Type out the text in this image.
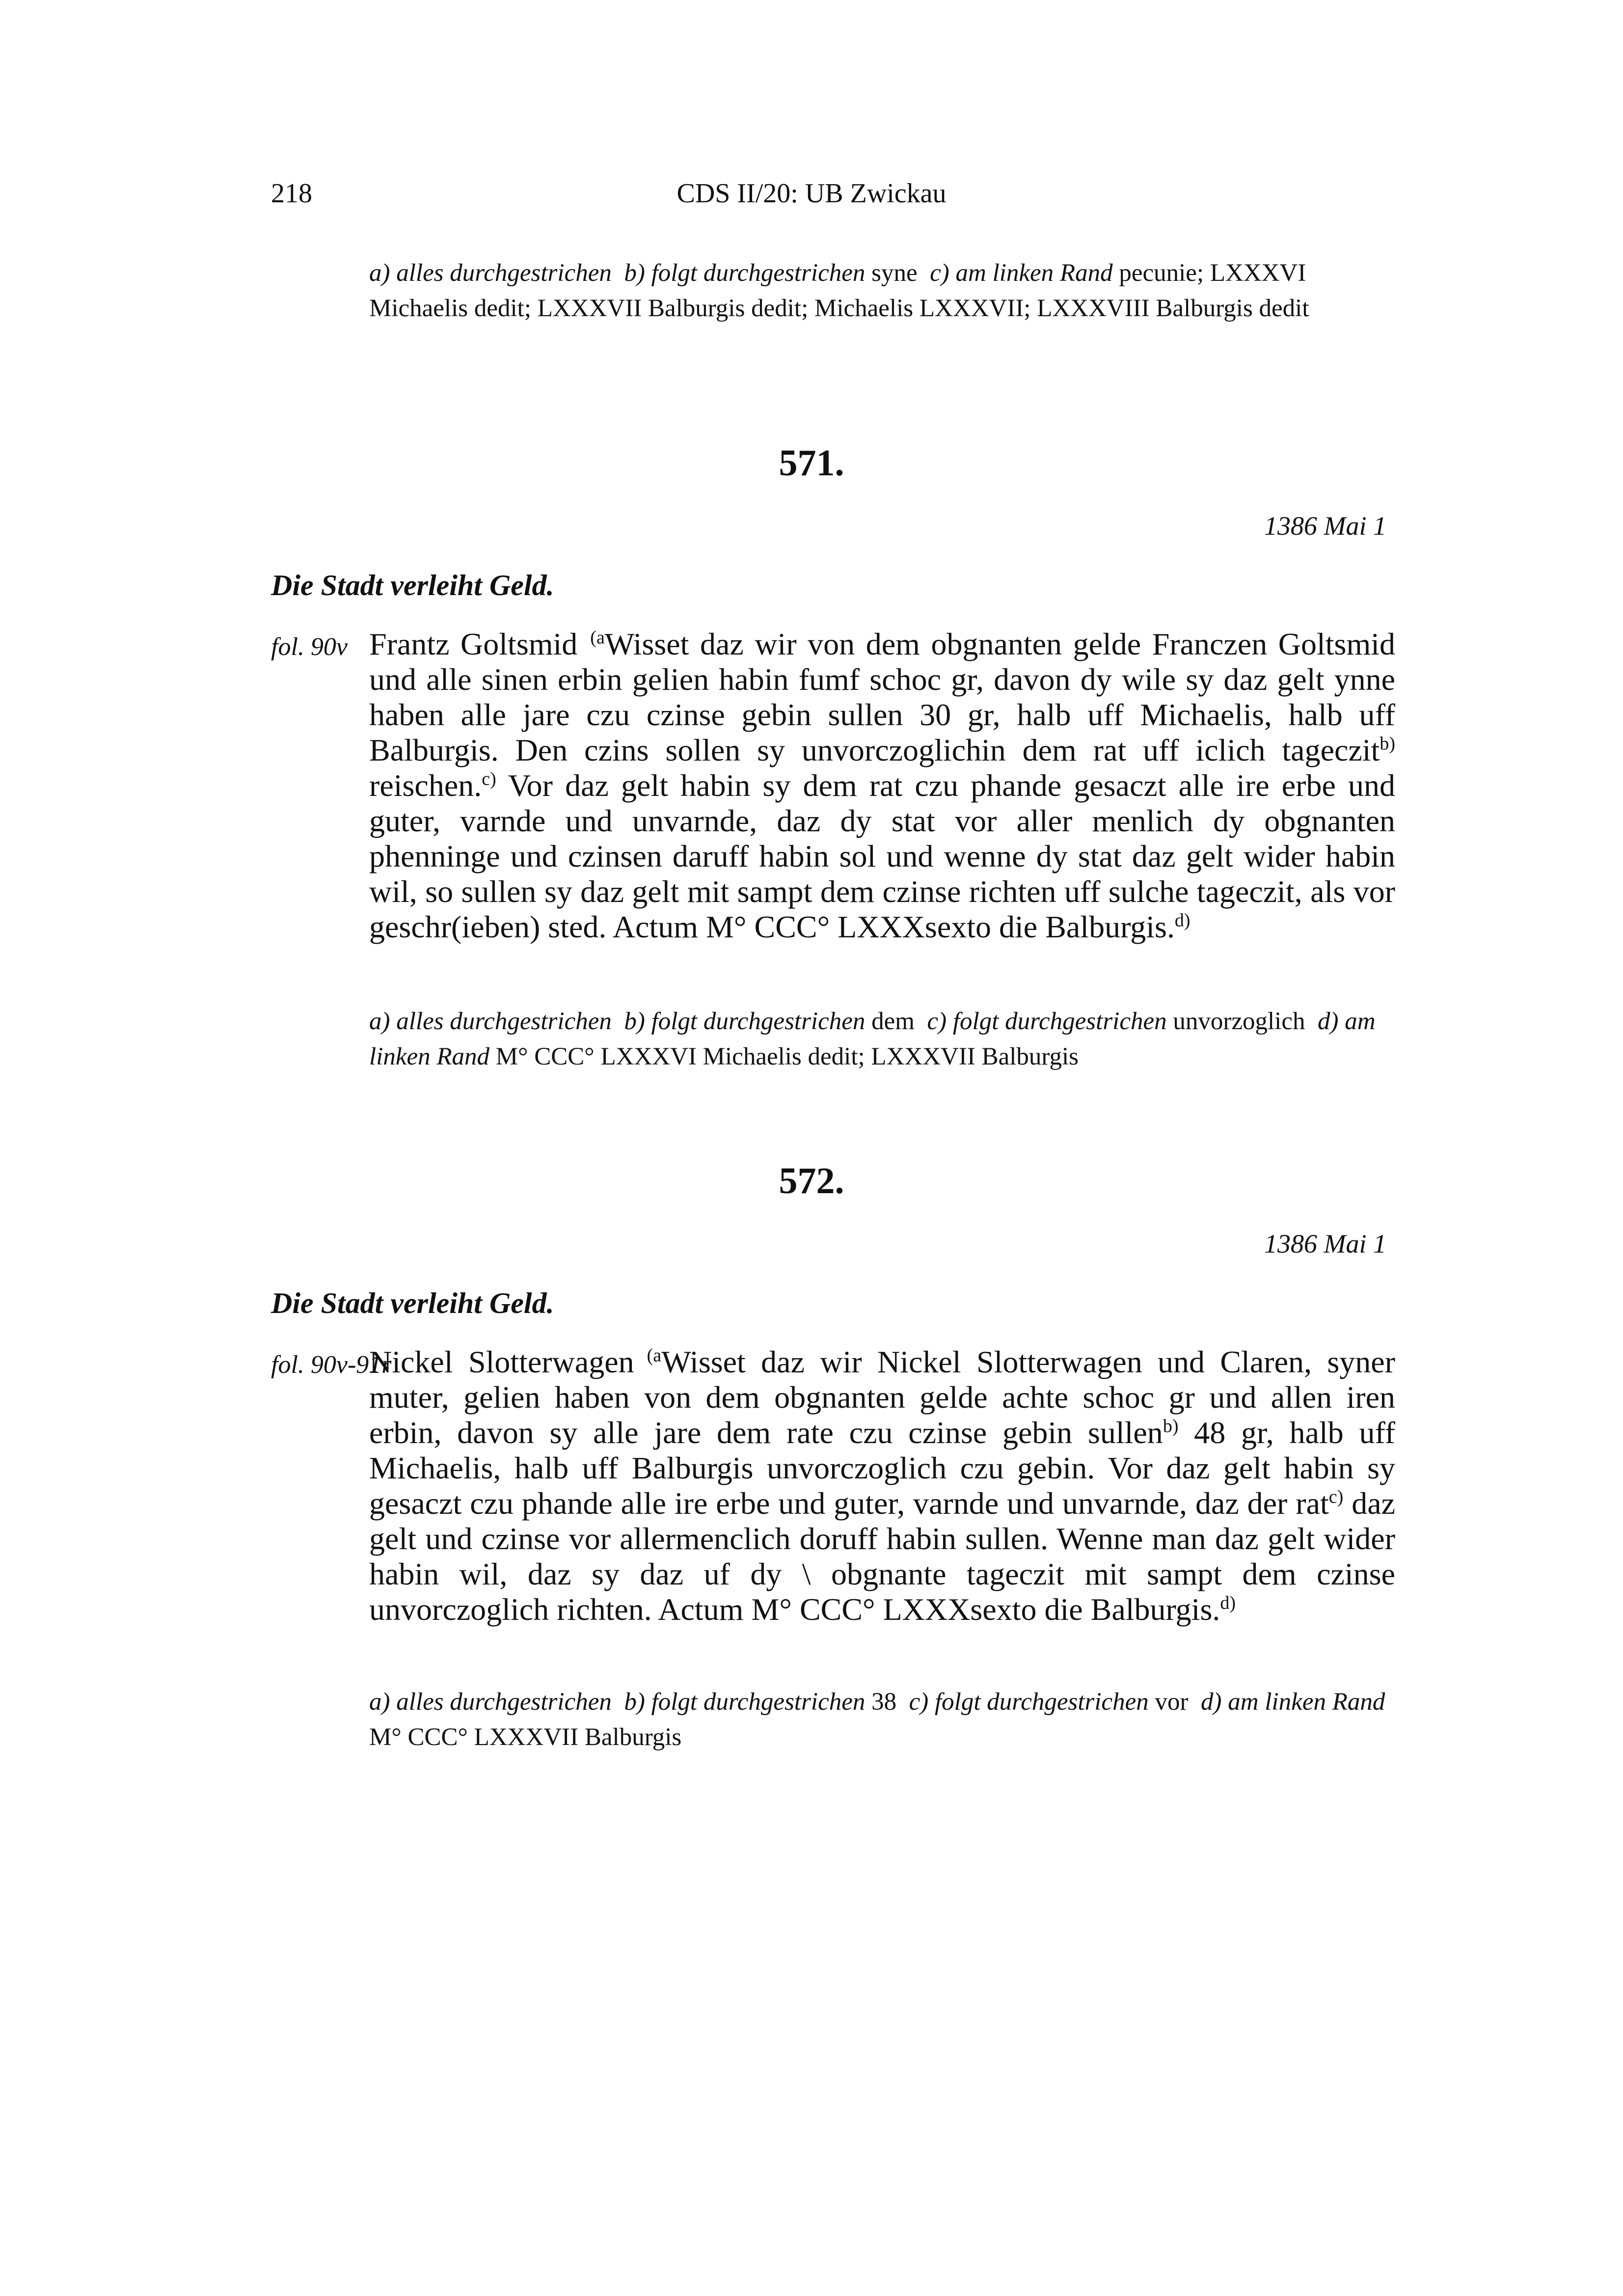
218	CDS II/20: UB Zwickau
a) alles durchgestrichen b) folgt durchgestrichen syne c) am linken Rand pecunie; LXXXVI Michaelis dedit; LXXXVII Balburgis dedit; Michaelis LXXXVII; LXXXVIII Balburgis dedit
571.
1386 Mai 1
Die Stadt verleiht Geld.
fol. 90v Frantz Goltsmid $^{(a}$Wisset daz wir von dem obgnanten gelde Franczen Goltsmid und alle sinen erbin gelien habin fumf schoc gr, davon dy wile sy daz gelt ynne haben alle jare czu czinse gebin sullen 30 gr, halb uff Michaelis, halb uff Balburgis. Den czins sollen sy unvorczoglichin dem rat uff iclich tageczit$^{b)}$ reischen.$^{c)}$ Vor daz gelt habin sy dem rat czu phande gesaczt alle ire erbe und guter, varnde und unvarnde, daz dy stat vor aller menlich dy obgnanten phenninge und czinsen daruff habin sol und wenne dy stat daz gelt wider habin wil, so sullen sy daz gelt mit sampt dem czinse richten uff sulche tageczit, als vor geschr(ieben) sted. Actum M° CCC° LXXXsexto die Balburgis.$^{d)}$
a) alles durchgestrichen b) folgt durchgestrichen dem c) folgt durchgestrichen unvorzoglich d) am linken Rand M° CCC° LXXXVI Michaelis dedit; LXXXVII Balburgis
572.
1386 Mai 1
Die Stadt verleiht Geld.
fol. 90v-91r
Nickel Slotterwagen $^{(a}$Wisset daz wir Nickel Slotterwagen und Claren, syner muter, gelien haben von dem obgnanten gelde achte schoc gr und allen iren erbin, davon sy alle jare dem rate czu czinse gebin sullen$^{b)}$ 48 gr, halb uff Michaelis, halb uff Balburgis unvorczoglich czu gebin. Vor daz gelt habin sy gesaczt czu phande alle ire erbe und guter, varnde und unvarnde, daz der rat$^{c)}$ daz gelt und czinse vor allermenclich doruff habin sullen. Wenne man daz gelt wider habin wil, daz sy daz uf dy \ obgnante tageczit mit sampt dem czinse unvorczoglich richten. Actum M° CCC° LXXXsexto die Balburgis.$^{d)}$
a) alles durchgestrichen b) folgt durchgestrichen 38 c) folgt durchgestrichen vor d) am linken Rand M° CCC° LXXXVII Balburgis
